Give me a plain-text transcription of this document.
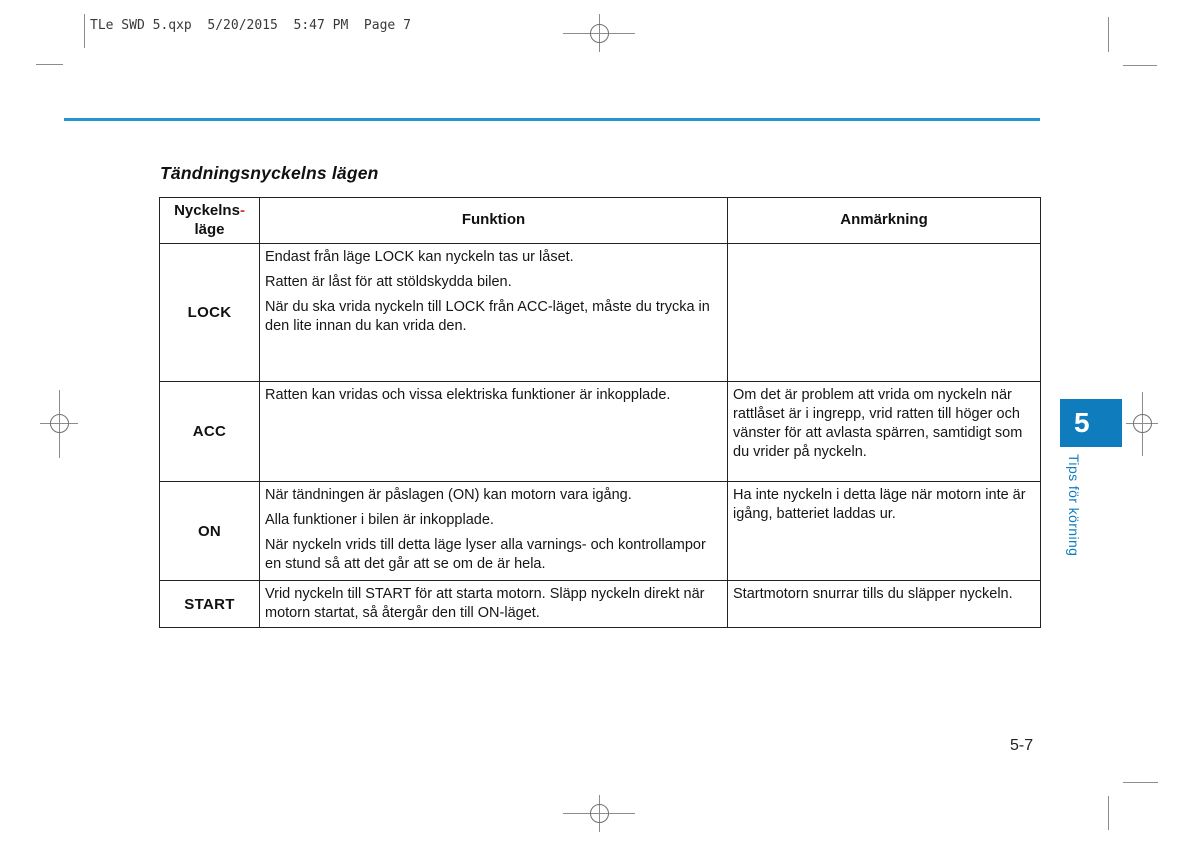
TLe SWD 5.qxp  5/20/2015  5:47 PM  Page 7
Tändningsnyckelns lägen
Nyckelns-
läge	Funktion	Anmärkning
LOCK	Endast från läge LOCK kan nyckeln tas ur låset.

Ratten är låst för att stöldskydda bilen.

När du ska vrida nyckeln till LOCK från ACC-läget, måste du trycka in den lite innan du kan vrida den.	

ACC	Ratten kan vridas och vissa elektriska funktioner är inkopplade.	Om det är problem att vrida om nyckeln när rattlåset är i ingrepp, vrid ratten till höger och vänster för att avlasta spärren, samtidigt som du vrider på nyckeln.

ON	När tändningen är påslagen (ON) kan motorn vara igång.

Alla funktioner i bilen är inkopplade.

När nyckeln vrids till detta läge lyser alla varnings- och kontrollampor en stund så att det går att se om de är hela.	Ha inte nyckeln i detta läge när motorn inte är igång, batteriet laddas ur.

START	Vrid nyckeln till START för att starta motorn. Släpp nyckeln direkt när motorn startat, så återgår den till ON-läget.	Startmotorn snurrar tills du släpper nyckeln.

5
Tips för körning
5-7
